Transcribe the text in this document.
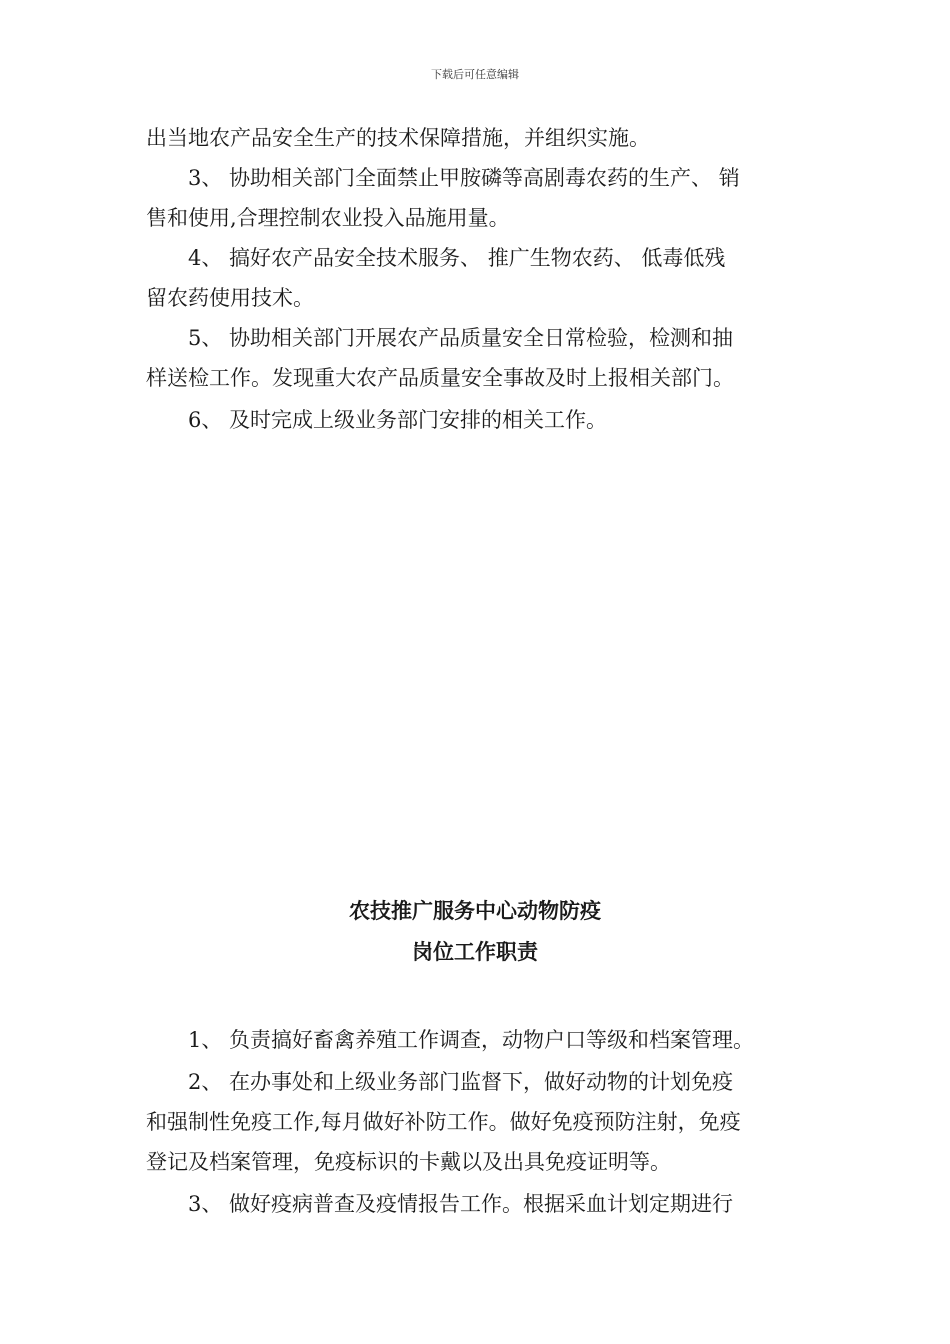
下载后可任意编辑

出当地农产品安全生产的技术保障措施，并组织实施。

3、 协助相关部门全面禁止甲胺磷等高剧毒农药的生产、 销
售和使用,合理控制农业投入品施用量。

4、 搞好农产品安全技术服务、 推广生物农药、 低毒低残
留农药使用技术。

5、 协助相关部门开展农产品质量安全日常检验，检测和抽
样送检工作。发现重大农产品质量安全事故及时上报相关部门。

6、 及时完成上级业务部门安排的相关工作。

农技推广服务中心动物防疫
岗位工作职责

1、 负责搞好畜禽养殖工作调查，动物户口等级和档案管理。

2、 在办事处和上级业务部门监督下，做好动物的计划免疫
和强制性免疫工作,每月做好补防工作。做好免疫预防注射，免疫
登记及档案管理，免疫标识的卡戴以及出具免疫证明等。

3、 做好疫病普查及疫情报告工作。根据采血计划定期进行
